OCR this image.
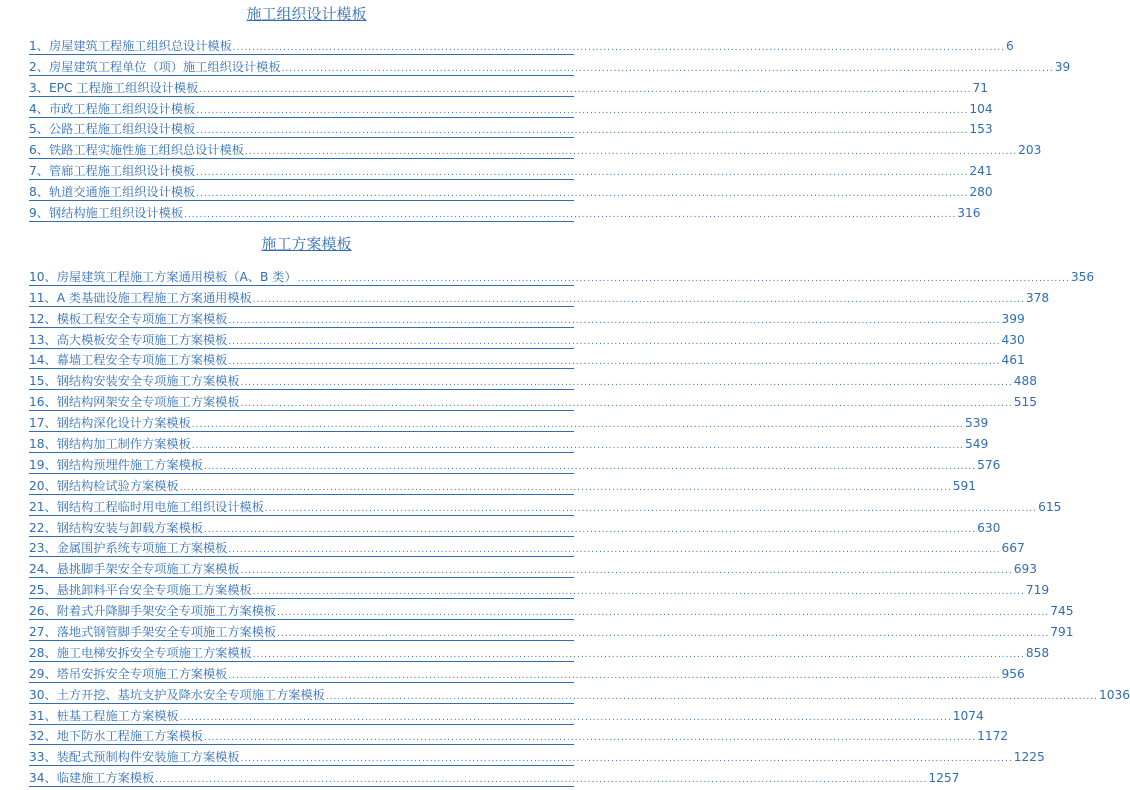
施工组织设计模板
1、房屋建筑工程施工组织总设计模板 ........................................................................................................................................................................................................ 6
2、房屋建筑工程单位（项）施工组织设计模板 ........................................................................................................................................................................................................ 39
3、EPC 工程施工组织设计模板 ........................................................................................................................................................................................................ 71
4、市政工程施工组织设计模板 ........................................................................................................................................................................................................ 104
5、公路工程施工组织设计模板 ........................................................................................................................................................................................................ 153
6、铁路工程实施性施工组织总设计模板 ........................................................................................................................................................................................................ 203
7、管廊工程施工组织设计模板 ........................................................................................................................................................................................................ 241
8、轨道交通施工组织设计模板 ........................................................................................................................................................................................................ 280
9、钢结构施工组织设计模板 ........................................................................................................................................................................................................ 316
施工方案模板
10、房屋建筑工程施工方案通用模板（A、B 类） ........................................................................................................................................................................................................ 356
11、A 类基础设施工程施工方案通用模板 ........................................................................................................................................................................................................ 378
12、模板工程安全专项施工方案模板 ........................................................................................................................................................................................................ 399
13、高大模板安全专项施工方案模板 ........................................................................................................................................................................................................ 430
14、幕墙工程安全专项施工方案模板 ........................................................................................................................................................................................................ 461
15、钢结构安装安全专项施工方案模板 ........................................................................................................................................................................................................ 488
16、钢结构网架安全专项施工方案模板 ........................................................................................................................................................................................................ 515
17、钢结构深化设计方案模板 ........................................................................................................................................................................................................ 539
18、钢结构加工制作方案模板 ........................................................................................................................................................................................................ 549
19、钢结构预埋件施工方案模板 ........................................................................................................................................................................................................ 576
20、钢结构检试验方案模板 ........................................................................................................................................................................................................ 591
21、钢结构工程临时用电施工组织设计模板 ........................................................................................................................................................................................................ 615
22、钢结构安装与卸载方案模板 ........................................................................................................................................................................................................ 630
23、金属围护系统专项施工方案模板 ........................................................................................................................................................................................................ 667
24、悬挑脚手架安全专项施工方案模板 ........................................................................................................................................................................................................ 693
25、悬挑卸料平台安全专项施工方案模板 ........................................................................................................................................................................................................ 719
26、附着式升降脚手架安全专项施工方案模板 ........................................................................................................................................................................................................ 745
27、落地式钢管脚手架安全专项施工方案模板 ........................................................................................................................................................................................................ 791
28、施工电梯安拆安全专项施工方案模板 ........................................................................................................................................................................................................ 858
29、塔吊安拆安全专项施工方案模板 ........................................................................................................................................................................................................ 956
30、土方开挖、基坑支护及降水安全专项施工方案模板 ........................................................................................................................................................................................................ 1036
31、桩基工程施工方案模板 ........................................................................................................................................................................................................ 1074
32、地下防水工程施工方案模板 ........................................................................................................................................................................................................ 1172
33、装配式预制构件安装施工方案模板 ........................................................................................................................................................................................................ 1225
34、临建施工方案模板 ........................................................................................................................................................................................................ 1257
